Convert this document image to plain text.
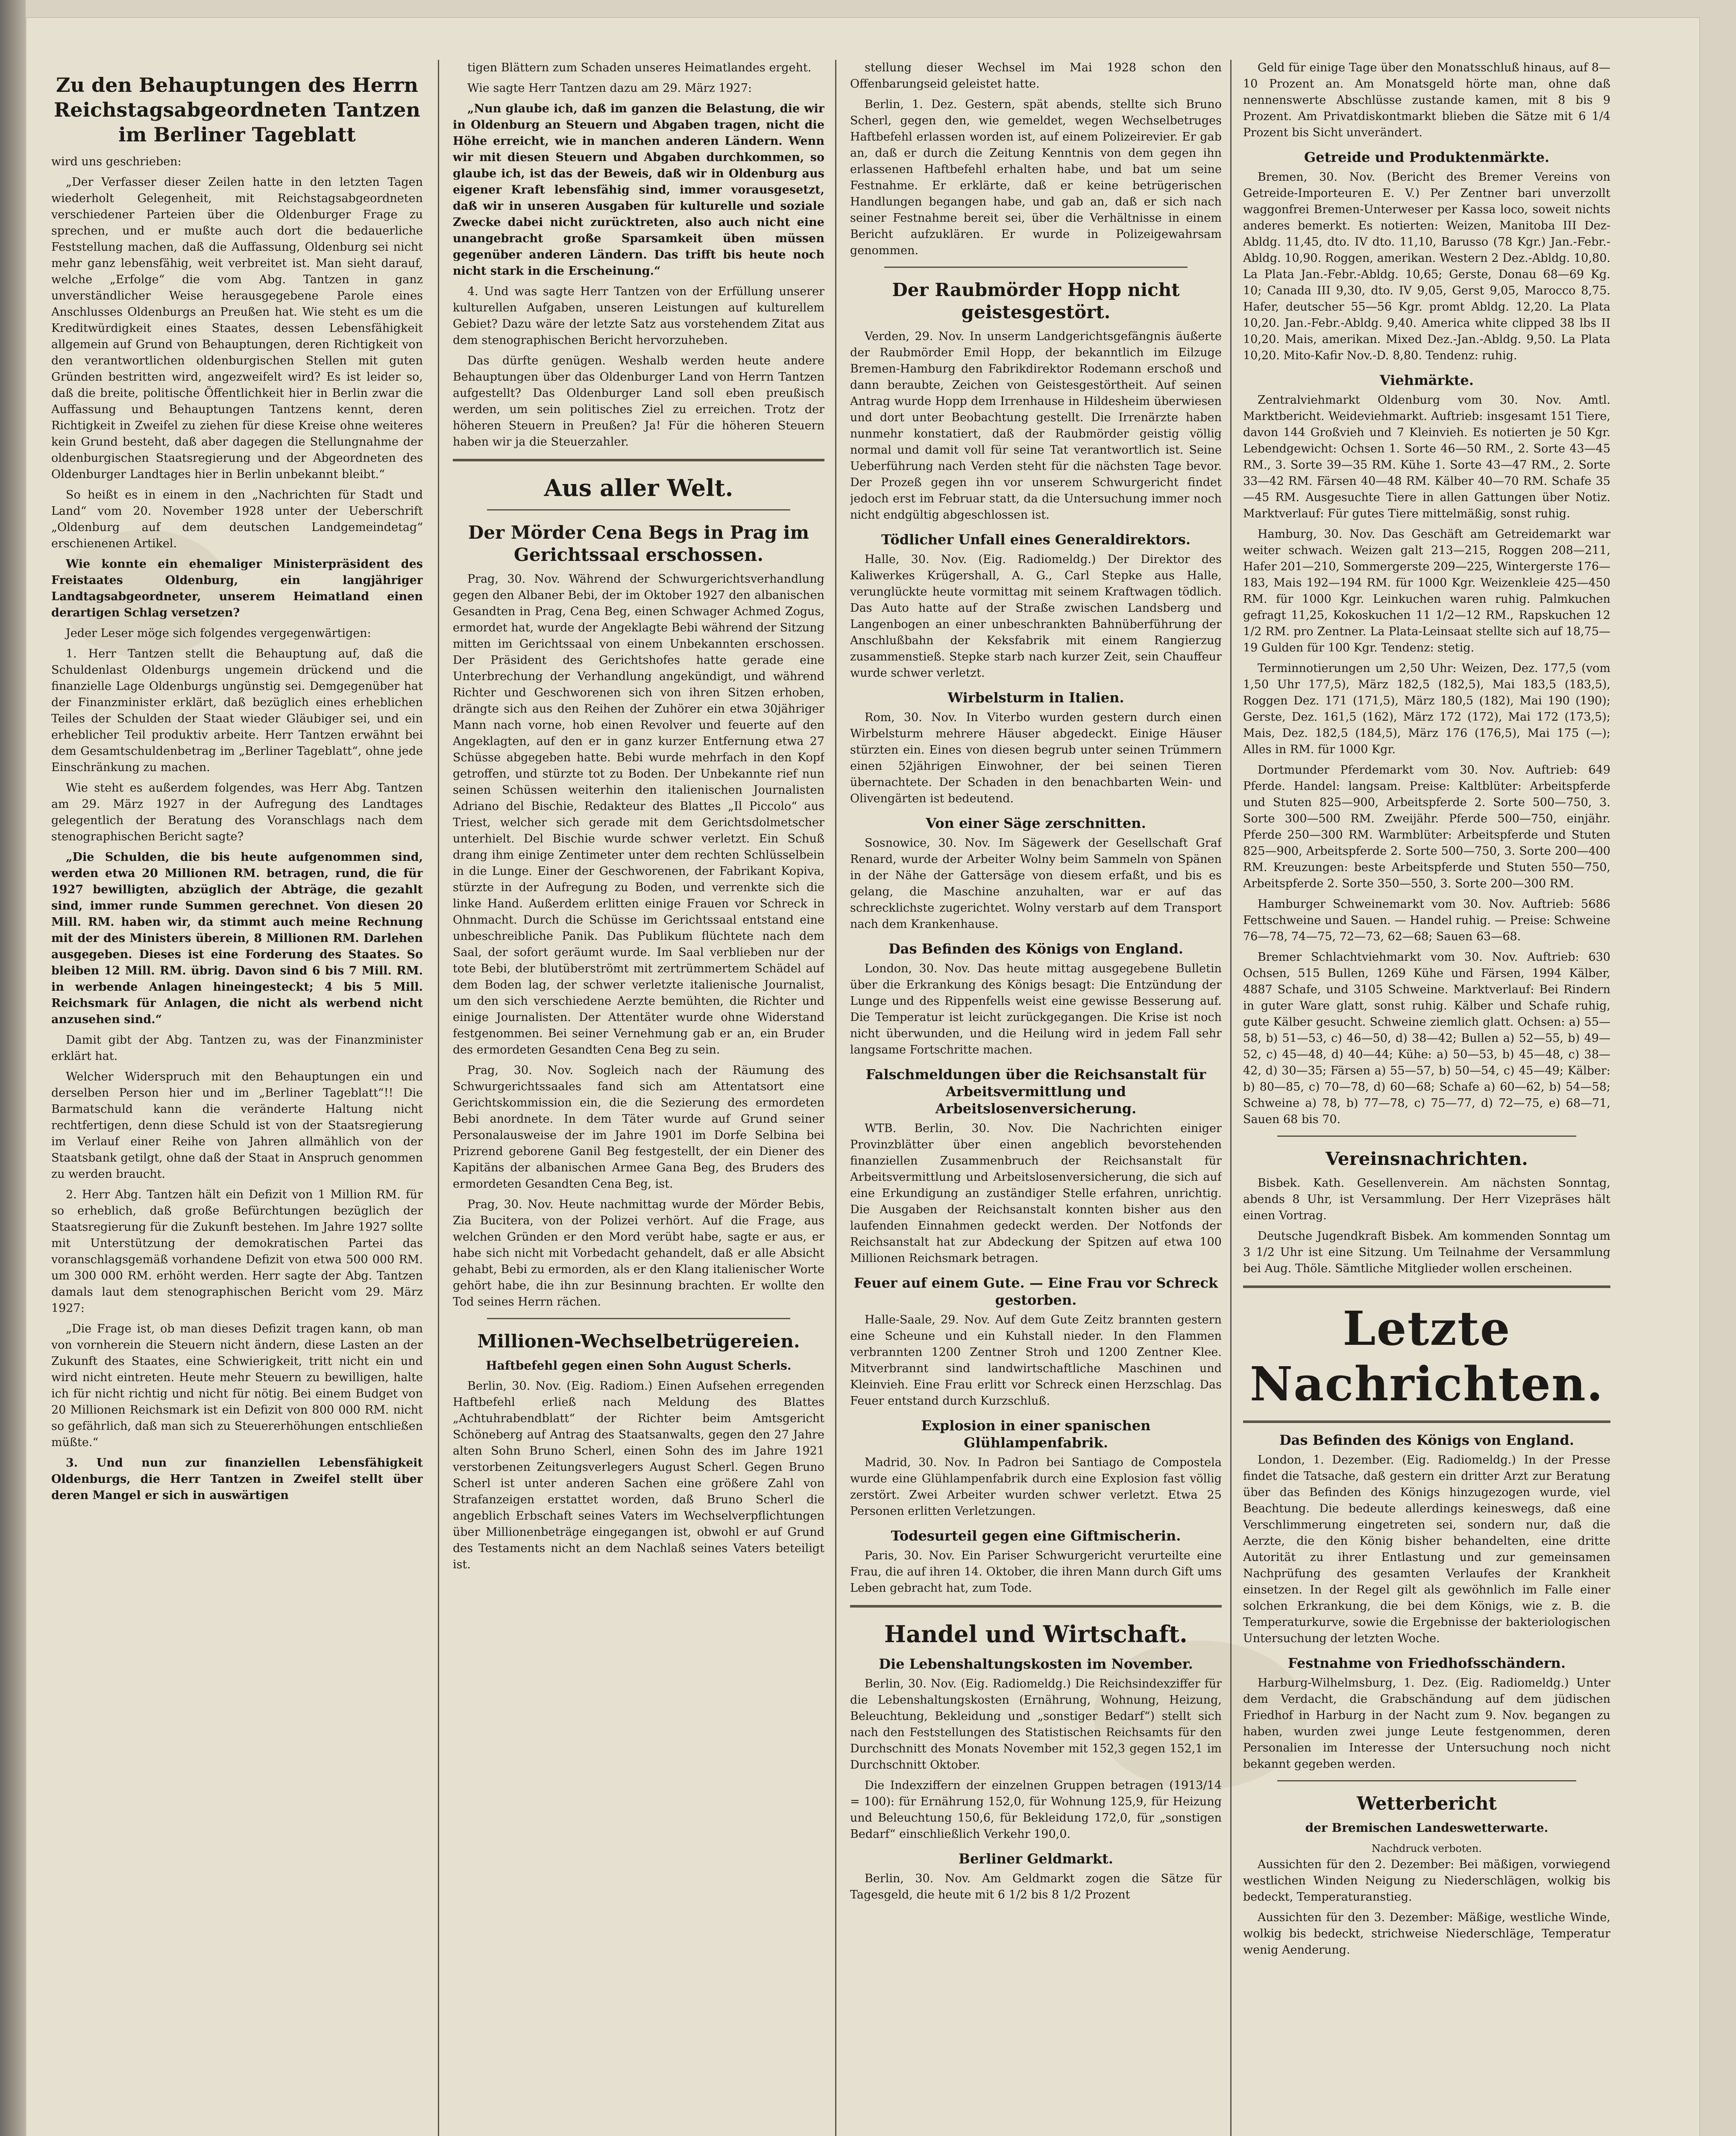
Zu den Behauptungen des Herrn Reichstagsabgeordneten Tantzen im Berliner Tageblatt
wird uns geschrieben:

„Der Verfasser dieser Zeilen hatte in den letzten Tagen wiederholt Gelegenheit, mit Reichstagsabgeordneten verschiedener Parteien über die Oldenburger Frage zu sprechen, und er mußte auch dort die bedauerliche Feststellung machen, daß die Auffassung, Oldenburg sei nicht mehr ganz lebensfähig, weit verbreitet ist. Man sieht darauf, welche „Erfolge“ die vom Abg. Tantzen in ganz unverständlicher Weise herausgegebene Parole eines Anschlusses Oldenburgs an Preußen hat. Wie steht es um die Kreditwürdigkeit eines Staates, dessen Lebensfähigkeit allgemein auf Grund von Behauptungen, deren Richtigkeit von den verantwortlichen oldenburgischen Stellen mit guten Gründen bestritten wird, angezweifelt wird? Es ist leider so, daß die breite, politische Öffentlichkeit hier in Berlin zwar die Auffassung und Behauptungen Tantzens kennt, deren Richtigkeit in Zweifel zu ziehen für diese Kreise ohne weiteres kein Grund besteht, daß aber dagegen die Stellungnahme der oldenburgischen Staatsregierung und der Abgeordneten des Oldenburger Landtages hier in Berlin unbekannt bleibt.“

So heißt es in einem in den „Nachrichten für Stadt und Land“ vom 20. November 1928 unter der Ueberschrift „Oldenburg auf dem deutschen Landgemeindetag“ erschienenen Artikel.

Wie konnte ein ehemaliger Ministerpräsident des Freistaates Oldenburg, ein langjähriger Landtagsabgeordneter, unserem Heimatland einen derartigen Schlag versetzen?

Jeder Leser möge sich folgendes vergegenwärtigen:

1. Herr Tantzen stellt die Behauptung auf, daß die Schuldenlast Oldenburgs ungemein drückend und die finanzielle Lage Oldenburgs ungünstig sei. Demgegenüber hat der Finanzminister erklärt, daß bezüglich eines erheblichen Teiles der Schulden der Staat wieder Gläubiger sei, und ein erheblicher Teil produktiv arbeite. Herr Tantzen erwähnt bei dem Gesamtschuldenbetrag im „Berliner Tageblatt“, ohne jede Einschränkung zu machen.

Wie steht es außerdem folgendes, was Herr Abg. Tantzen am 29. März 1927 in der Aufregung des Landtages gelegentlich der Beratung des Voranschlags nach dem stenographischen Bericht sagte?

„Die Schulden, die bis heute aufgenommen sind, werden etwa 20 Millionen RM. betragen, rund, die für 1927 bewilligten, abzüglich der Abträge, die gezahlt sind, immer runde Summen gerechnet. Von diesen 20 Mill. RM. haben wir, da stimmt auch meine Rechnung mit der des Ministers überein, 8 Millionen RM. Darlehen ausgegeben. Dieses ist eine Forderung des Staates. So bleiben 12 Mill. RM. übrig. Davon sind 6 bis 7 Mill. RM. in werbende Anlagen hineingesteckt; 4 bis 5 Mill. Reichsmark für Anlagen, die nicht als werbend nicht anzusehen sind.“

Damit gibt der Abg. Tantzen zu, was der Finanzminister erklärt hat.

Welcher Widerspruch mit den Behauptungen ein und derselben Person hier und im „Berliner Tageblatt“!! Die Barmatschuld kann die veränderte Haltung nicht rechtfertigen, denn diese Schuld ist von der Staatsregierung im Verlauf einer Reihe von Jahren allmählich von der Staatsbank getilgt, ohne daß der Staat in Anspruch genommen zu werden braucht.

2. Herr Abg. Tantzen hält ein Defizit von 1 Million RM. für so erheblich, daß große Befürchtungen bezüglich der Staatsregierung für die Zukunft bestehen. Im Jahre 1927 sollte mit Unterstützung der demokratischen Partei das voranschlagsgemäß vorhandene Defizit von etwa 500 000 RM. um 300 000 RM. erhöht werden. Herr sagte der Abg. Tantzen damals laut dem stenographischen Bericht vom 29. März 1927:

„Die Frage ist, ob man dieses Defizit tragen kann, ob man von vornherein die Steuern nicht ändern, diese Lasten an der Zukunft des Staates, eine Schwierigkeit, tritt nicht ein und wird nicht eintreten. Heute mehr Steuern zu bewilligen, halte ich für nicht richtig und nicht für nötig. Bei einem Budget von 20 Millionen Reichsmark ist ein Defizit von 800 000 RM. nicht so gefährlich, daß man sich zu Steuererhöhungen entschließen müßte.“

3. Und nun zur finanziellen Lebensfähigkeit Oldenburgs, die Herr Tantzen in Zweifel stellt über deren Mangel er sich in auswärtigen

tigen Blättern zum Schaden unseres Heimatlandes ergeht.

Wie sagte Herr Tantzen dazu am 29. März 1927:

„Nun glaube ich, daß im ganzen die Belastung, die wir in Oldenburg an Steuern und Abgaben tragen, nicht die Höhe erreicht, wie in manchen anderen Ländern. Wenn wir mit diesen Steuern und Abgaben durchkommen, so glaube ich, ist das der Beweis, daß wir in Oldenburg aus eigener Kraft lebensfähig sind, immer vorausgesetzt, daß wir in unseren Ausgaben für kulturelle und soziale Zwecke dabei nicht zurücktreten, also auch nicht eine unangebracht große Sparsamkeit üben müssen gegenüber anderen Ländern. Das trifft bis heute noch nicht stark in die Erscheinung.“

4. Und was sagte Herr Tantzen von der Erfüllung unserer kulturellen Aufgaben, unseren Leistungen auf kulturellem Gebiet? Dazu wäre der letzte Satz aus vorstehendem Zitat aus dem stenographischen Bericht hervorzuheben.

Das dürfte genügen. Weshalb werden heute andere Behauptungen über das Oldenburger Land von Herrn Tantzen aufgestellt? Das Oldenburger Land soll eben preußisch werden, um sein politisches Ziel zu erreichen. Trotz der höheren Steuern in Preußen? Ja! Für die höheren Steuern haben wir ja die Steuerzahler.

Aus aller Welt.
Der Mörder Cena Begs in Prag im Gerichtssaal erschossen.

Prag, 30. Nov. Während der Schwurgerichtsverhandlung gegen den Albaner Bebi, der im Oktober 1927 den albanischen Gesandten in Prag, Cena Beg, einen Schwager Achmed Zogus, ermordet hat, wurde der Angeklagte Bebi während der Sitzung mitten im Gerichtssaal von einem Unbekannten erschossen. Der Präsident des Gerichtshofes hatte gerade eine Unterbrechung der Verhandlung angekündigt, und während Richter und Geschworenen sich von ihren Sitzen erhoben, drängte sich aus den Reihen der Zuhörer ein etwa 30jähriger Mann nach vorne, hob einen Revolver und feuerte auf den Angeklagten, auf den er in ganz kurzer Entfernung etwa 27 Schüsse abgegeben hatte. Bebi wurde mehrfach in den Kopf getroffen, und stürzte tot zu Boden. Der Unbekannte rief nun seinen Schüssen weiterhin den italienischen Journalisten Adriano del Bischie, Redakteur des Blattes „Il Piccolo“ aus Triest, welcher sich gerade mit dem Gerichtsdolmetscher unterhielt. Del Bischie wurde schwer verletzt. Ein Schuß drang ihm einige Zentimeter unter dem rechten Schlüsselbein in die Lunge. Einer der Geschworenen, der Fabrikant Kopiva, stürzte in der Aufregung zu Boden, und verrenkte sich die linke Hand. Außerdem erlitten einige Frauen vor Schreck in Ohnmacht. Durch die Schüsse im Gerichtssaal entstand eine unbeschreibliche Panik. Das Publikum flüchtete nach dem Saal, der sofort geräumt wurde. Im Saal verblieben nur der tote Bebi, der blutüberströmt mit zertrümmertem Schädel auf dem Boden lag, der schwer verletzte italienische Journalist, um den sich verschiedene Aerzte bemühten, die Richter und einige Journalisten. Der Attentäter wurde ohne Widerstand festgenommen. Bei seiner Vernehmung gab er an, ein Bruder des ermordeten Gesandten Cena Beg zu sein.

Prag, 30. Nov. Sogleich nach der Räumung des Schwurgerichtssaales fand sich am Attentatsort eine Gerichtskommission ein, die die Sezierung des ermordeten Bebi anordnete. In dem Täter wurde auf Grund seiner Personalausweise der im Jahre 1901 im Dorfe Selbina bei Prizrend geborene Ganil Beg festgestellt, der ein Diener des Kapitäns der albanischen Armee Gana Beg, des Bruders des ermordeten Gesandten Cena Beg, ist.

Prag, 30. Nov. Heute nachmittag wurde der Mörder Bebis, Zia Bucitera, von der Polizei verhört. Auf die Frage, aus welchen Gründen er den Mord verübt habe, sagte er aus, er habe sich nicht mit Vorbedacht gehandelt, daß er alle Absicht gehabt, Bebi zu ermorden, als er den Klang italienischer Worte gehört habe, die ihn zur Besinnung brachten. Er wollte den Tod seines Herrn rächen.

Millionen-Wechselbetrügereien.
Haftbefehl gegen einen Sohn August Scherls.

Berlin, 30. Nov. (Eig. Radiom.) Einen Aufsehen erregenden Haftbefehl erließ nach Meldung des Blattes „Achtuhrabendblatt“ der Richter beim Amtsgericht Schöneberg auf Antrag des Staatsanwalts, gegen den 27 Jahre alten Sohn Bruno Scherl, einen Sohn des im Jahre 1921 verstorbenen Zeitungsverlegers August Scherl. Gegen Bruno Scherl ist unter anderen Sachen eine größere Zahl von Strafanzeigen erstattet worden, daß Bruno Scherl die angeblich Erbschaft seines Vaters im Wechselverpflichtungen über Millionenbeträge eingegangen ist, obwohl er auf Grund des Testaments nicht an dem Nachlaß seines Vaters beteiligt ist.

stellung dieser Wechsel im Mai 1928 schon den Offenbarungseid geleistet hatte.

Berlin, 1. Dez. Gestern, spät abends, stellte sich Bruno Scherl, gegen den, wie gemeldet, wegen Wechselbetruges Haftbefehl erlassen worden ist, auf einem Polizeirevier. Er gab an, daß er durch die Zeitung Kenntnis von dem gegen ihn erlassenen Haftbefehl erhalten habe, und bat um seine Festnahme. Er erklärte, daß er keine betrügerischen Handlungen begangen habe, und gab an, daß er sich nach seiner Festnahme bereit sei, über die Verhältnisse in einem Bericht aufzuklären. Er wurde in Polizeigewahrsam genommen.

Der Raubmörder Hopp nicht geistesgestört.

Verden, 29. Nov. In unserm Landgerichtsgefängnis äußerte der Raubmörder Emil Hopp, der bekanntlich im Eilzuge Bremen-Hamburg den Fabrikdirektor Rodemann erschoß und dann beraubte, Zeichen von Geistesgestörtheit. Auf seinen Antrag wurde Hopp dem Irrenhause in Hildesheim überwiesen und dort unter Beobachtung gestellt. Die Irrenärzte haben nunmehr konstatiert, daß der Raubmörder geistig völlig normal und damit voll für seine Tat verantwortlich ist. Seine Ueberführung nach Verden steht für die nächsten Tage bevor. Der Prozeß gegen ihn vor unserem Schwurgericht findet jedoch erst im Februar statt, da die Untersuchung immer noch nicht endgültig abgeschlossen ist.

Tödlicher Unfall eines Generaldirektors.

Halle, 30. Nov. (Eig. Radiomeldg.) Der Direktor des Kaliwerkes Krügershall, A. G., Carl Stepke aus Halle, verunglückte heute vormittag mit seinem Kraftwagen tödlich. Das Auto hatte auf der Straße zwischen Landsberg und Langenbogen an einer unbeschrankten Bahnüberführung der Anschlußbahn der Keksfabrik mit einem Rangierzug zusammenstieß. Stepke starb nach kurzer Zeit, sein Chauffeur wurde schwer verletzt.

Wirbelsturm in Italien.

Rom, 30. Nov. In Viterbo wurden gestern durch einen Wirbelsturm mehrere Häuser abgedeckt. Einige Häuser stürzten ein. Eines von diesen begrub unter seinen Trümmern einen 52jährigen Einwohner, der bei seinen Tieren übernachtete. Der Schaden in den benachbarten Wein- und Olivengärten ist bedeutend.

Von einer Säge zerschnitten.

Sosnowice, 30. Nov. Im Sägewerk der Gesellschaft Graf Renard, wurde der Arbeiter Wolny beim Sammeln von Spänen in der Nähe der Gattersäge von diesem erfaßt, und bis es gelang, die Maschine anzuhalten, war er auf das schrecklichste zugerichtet. Wolny verstarb auf dem Transport nach dem Krankenhause.

Das Befinden des Königs von England.

London, 30. Nov. Das heute mittag ausgegebene Bulletin über die Erkrankung des Königs besagt: Die Entzündung der Lunge und des Rippenfells weist eine gewisse Besserung auf. Die Temperatur ist leicht zurückgegangen. Die Krise ist noch nicht überwunden, und die Heilung wird in jedem Fall sehr langsame Fortschritte machen.

Falschmeldungen über die Reichsanstalt für Arbeitsvermittlung und Arbeitslosenversicherung.

WTB. Berlin, 30. Nov. Die Nachrichten einiger Provinzblätter über einen angeblich bevorstehenden finanziellen Zusammenbruch der Reichsanstalt für Arbeitsvermittlung und Arbeitslosenversicherung, die sich auf eine Erkundigung an zuständiger Stelle erfahren, unrichtig. Die Ausgaben der Reichsanstalt konnten bisher aus den laufenden Einnahmen gedeckt werden. Der Notfonds der Reichsanstalt hat zur Abdeckung der Spitzen auf etwa 100 Millionen Reichsmark betragen.

Feuer auf einem Gute. — Eine Frau vor Schreck gestorben.

Halle-Saale, 29. Nov. Auf dem Gute Zeitz brannten gestern eine Scheune und ein Kuhstall nieder. In den Flammen verbrannten 1200 Zentner Stroh und 1200 Zentner Klee. Mitverbrannt sind landwirtschaftliche Maschinen und Kleinvieh. Eine Frau erlitt vor Schreck einen Herzschlag. Das Feuer entstand durch Kurzschluß.

Explosion in einer spanischen Glühlampenfabrik.

Madrid, 30. Nov. In Padron bei Santiago de Compostela wurde eine Glühlampenfabrik durch eine Explosion fast völlig zerstört. Zwei Arbeiter wurden schwer verletzt. Etwa 25 Personen erlitten Verletzungen.

Todesurteil gegen eine Giftmischerin.

Paris, 30. Nov. Ein Pariser Schwurgericht verurteilte eine Frau, die auf ihren 14. Oktober, die ihren Mann durch Gift ums Leben gebracht hat, zum Tode.

Handel und Wirtschaft.
Die Lebenshaltungskosten im November.

Berlin, 30. Nov. (Eig. Radiomeldg.) Die Reichsindexziffer für die Lebenshaltungskosten (Ernährung, Wohnung, Heizung, Beleuchtung, Bekleidung und „sonstiger Bedarf“) stellt sich nach den Feststellungen des Statistischen Reichsamts für den Durchschnitt des Monats November mit 152,3 gegen 152,1 im Durchschnitt Oktober.

Die Indexziffern der einzelnen Gruppen betragen (1913/14 = 100): für Ernährung 152,0, für Wohnung 125,9, für Heizung und Beleuchtung 150,6, für Bekleidung 172,0, für „sonstigen Bedarf“ einschließlich Verkehr 190,0.

Berliner Geldmarkt.

Berlin, 30. Nov. Am Geldmarkt zogen die Sätze für Tagesgeld, die heute mit 6 1/2 bis 8 1/2 Prozent

Geld für einige Tage über den Monatsschluß hinaus, auf 8—10 Prozent an. Am Monatsgeld hörte man, ohne daß nennenswerte Abschlüsse zustande kamen, mit 8 bis 9 Prozent. Am Privatdiskontmarkt blieben die Sätze mit 6 1/4 Prozent bis Sicht unverändert.

Getreide und Produktenmärkte.

Bremen, 30. Nov. (Bericht des Bremer Vereins von Getreide-Importeuren E. V.) Per Zentner bari unverzollt waggonfrei Bremen-Unterweser per Kassa loco, soweit nichts anderes bemerkt. Es notierten: Weizen, Manitoba III Dez-Abldg. 11,45, dto. IV dto. 11,10, Barusso (78 Kgr.) Jan.-Febr.-Abldg. 10,90. Roggen, amerikan. Western 2 Dez.-Abldg. 10,80. La Plata Jan.-Febr.-Abldg. 10,65; Gerste, Donau 68—69 Kg. 10; Canada III 9,30, dto. IV 9,05, Gerst 9,05, Marocco 8,75. Hafer, deutscher 55—56 Kgr. promt Abldg. 12,20. La Plata 10,20. Jan.-Febr.-Abldg. 9,40. America white clipped 38 lbs II 10,20. Mais, amerikan. Mixed Dez.-Jan.-Abldg. 9,50. La Plata 10,20. Mito-Kafir Nov.-D. 8,80. Tendenz: ruhig.

Viehmärkte.

Zentralviehmarkt Oldenburg vom 30. Nov. Amtl. Marktbericht. Weideviehmarkt. Auftrieb: insgesamt 151 Tiere, davon 144 Großvieh und 7 Kleinvieh. Es notierten je 50 Kgr. Lebendgewicht: Ochsen 1. Sorte 46—50 RM., 2. Sorte 43—45 RM., 3. Sorte 39—35 RM. Kühe 1. Sorte 43—47 RM., 2. Sorte 33—42 RM. Färsen 40—48 RM. Kälber 40—70 RM. Schafe 35—45 RM. Ausgesuchte Tiere in allen Gattungen über Notiz. Marktverlauf: Für gutes Tiere mittelmäßig, sonst ruhig.

Hamburg, 30. Nov. Das Geschäft am Getreidemarkt war weiter schwach. Weizen galt 213—215, Roggen 208—211, Hafer 201—210, Sommergerste 209—225, Wintergerste 176—183, Mais 192—194 RM. für 1000 Kgr. Weizenkleie 425—450 RM. für 1000 Kgr. Leinkuchen waren ruhig. Palmkuchen gefragt 11,25, Kokoskuchen 11 1/2—12 RM., Rapskuchen 12 1/2 RM. pro Zentner. La Plata-Leinsaat stellte sich auf 18,75—19 Gulden für 100 Kgr. Tendenz: stetig.

Terminnotierungen um 2,50 Uhr: Weizen, Dez. 177,5 (vom 1,50 Uhr 177,5), März 182,5 (182,5), Mai 183,5 (183,5), Roggen Dez. 171 (171,5), März 180,5 (182), Mai 190 (190); Gerste, Dez. 161,5 (162), März 172 (172), Mai 172 (173,5); Mais, Dez. 182,5 (184,5), März 176 (176,5), Mai 175 (—); Alles in RM. für 1000 Kgr.

Dortmunder Pferdemarkt vom 30. Nov. Auftrieb: 649 Pferde. Handel: langsam. Preise: Kaltblüter: Arbeitspferde und Stuten 825—900, Arbeitspferde 2. Sorte 500—750, 3. Sorte 300—500 RM. Zweijähr. Pferde 500—750, einjähr. Pferde 250—300 RM. Warmblüter: Arbeitspferde und Stuten 825—900, Arbeitspferde 2. Sorte 500—750, 3. Sorte 200—400 RM. Kreuzungen: beste Arbeitspferde und Stuten 550—750, Arbeitspferde 2. Sorte 350—550, 3. Sorte 200—300 RM.

Hamburger Schweinemarkt vom 30. Nov. Auftrieb: 5686 Fettschweine und Sauen. — Handel ruhig. — Preise: Schweine 76—78, 74—75, 72—73, 62—68; Sauen 63—68.

Bremer Schlachtviehmarkt vom 30. Nov. Auftrieb: 630 Ochsen, 515 Bullen, 1269 Kühe und Färsen, 1994 Kälber, 4887 Schafe, und 3105 Schweine. Marktverlauf: Bei Rindern in guter Ware glatt, sonst ruhig. Kälber und Schafe ruhig, gute Kälber gesucht. Schweine ziemlich glatt. Ochsen: a) 55—58, b) 51—53, c) 46—50, d) 38—42; Bullen a) 52—55, b) 49—52, c) 45—48, d) 40—44; Kühe: a) 50—53, b) 45—48, c) 38—42, d) 30—35; Färsen a) 55—57, b) 50—54, c) 45—49; Kälber: b) 80—85, c) 70—78, d) 60—68; Schafe a) 60—62, b) 54—58; Schweine a) 78, b) 77—78, c) 75—77, d) 72—75, e) 68—71, Sauen 68 bis 70.

Vereinsnachrichten.

Bisbek. Kath. Gesellenverein. Am nächsten Sonntag, abends 8 Uhr, ist Versammlung. Der Herr Vizepräses hält einen Vortrag.

Deutsche Jugendkraft Bisbek. Am kommenden Sonntag um 3 1/2 Uhr ist eine Sitzung. Um Teilnahme der Versammlung bei Aug. Thöle. Sämtliche Mitglieder wollen erscheinen.

Letzte Nachrichten.
Das Befinden des Königs von England.

London, 1. Dezember. (Eig. Radiomeldg.) In der Presse findet die Tatsache, daß gestern ein dritter Arzt zur Beratung über das Befinden des Königs hinzugezogen wurde, viel Beachtung. Die bedeute allerdings keineswegs, daß eine Verschlimmerung eingetreten sei, sondern nur, daß die Aerzte, die den König bisher behandelten, eine dritte Autorität zu ihrer Entlastung und zur gemeinsamen Nachprüfung des gesamten Verlaufes der Krankheit einsetzen. In der Regel gilt als gewöhnlich im Falle einer solchen Erkrankung, die bei dem Königs, wie z. B. die Temperaturkurve, sowie die Ergebnisse der bakteriologischen Untersuchung der letzten Woche.

Festnahme von Friedhofsschändern.

Harburg-Wilhelmsburg, 1. Dez. (Eig. Radiomeldg.) Unter dem Verdacht, die Grabschändung auf dem jüdischen Friedhof in Harburg in der Nacht zum 9. Nov. begangen zu haben, wurden zwei junge Leute festgenommen, deren Personalien im Interesse der Untersuchung noch nicht bekannt gegeben werden.

Wetterbericht
der Bremischen Landeswetterwarte.
Nachdruck verboten.

Aussichten für den 2. Dezember: Bei mäßigen, vorwiegend westlichen Winden Neigung zu Niederschlägen, wolkig bis bedeckt, Temperaturanstieg.

Aussichten für den 3. Dezember: Mäßige, westliche Winde, wolkig bis bedeckt, strichweise Niederschläge, Temperatur wenig Aenderung.
